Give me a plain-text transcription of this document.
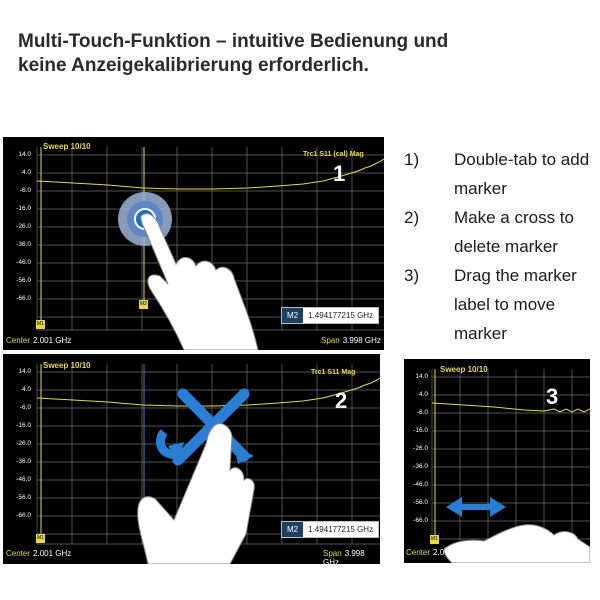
Multi-Touch-Funktion – intuitive Bedienung und
keine Anzeigekalibrierung erforderlich.
Sweep 10/10
Trc1 S11 (cal) Mag
14.0
4.0
-6.0
-16.0
-26.0
-36.0
-46.0
-56.0
-66.0
1
M2
M1
M2	1.494177215 GHz
Center 2.001 GHz	Span 3.998 GHz
Sweep 10/10
Trc1 S11 Mag
14.0
4.0
-6.0
-16.0
-26.0
-36.0
-46.0
-56.0
-66.0
2
M1
M2	1.494177215 GHz
Center 2.001 GHz	Span 3.998 GHz
Sweep 10/10
14.0
4.0
-6.0
-16.0
-26.0
-36.0
-46.0
-56.0
-66.0
3
M1
Center 2.0
1)	Double-tab to add marker
2)	Make a cross to delete marker
3)	Drag the marker label to move marker
